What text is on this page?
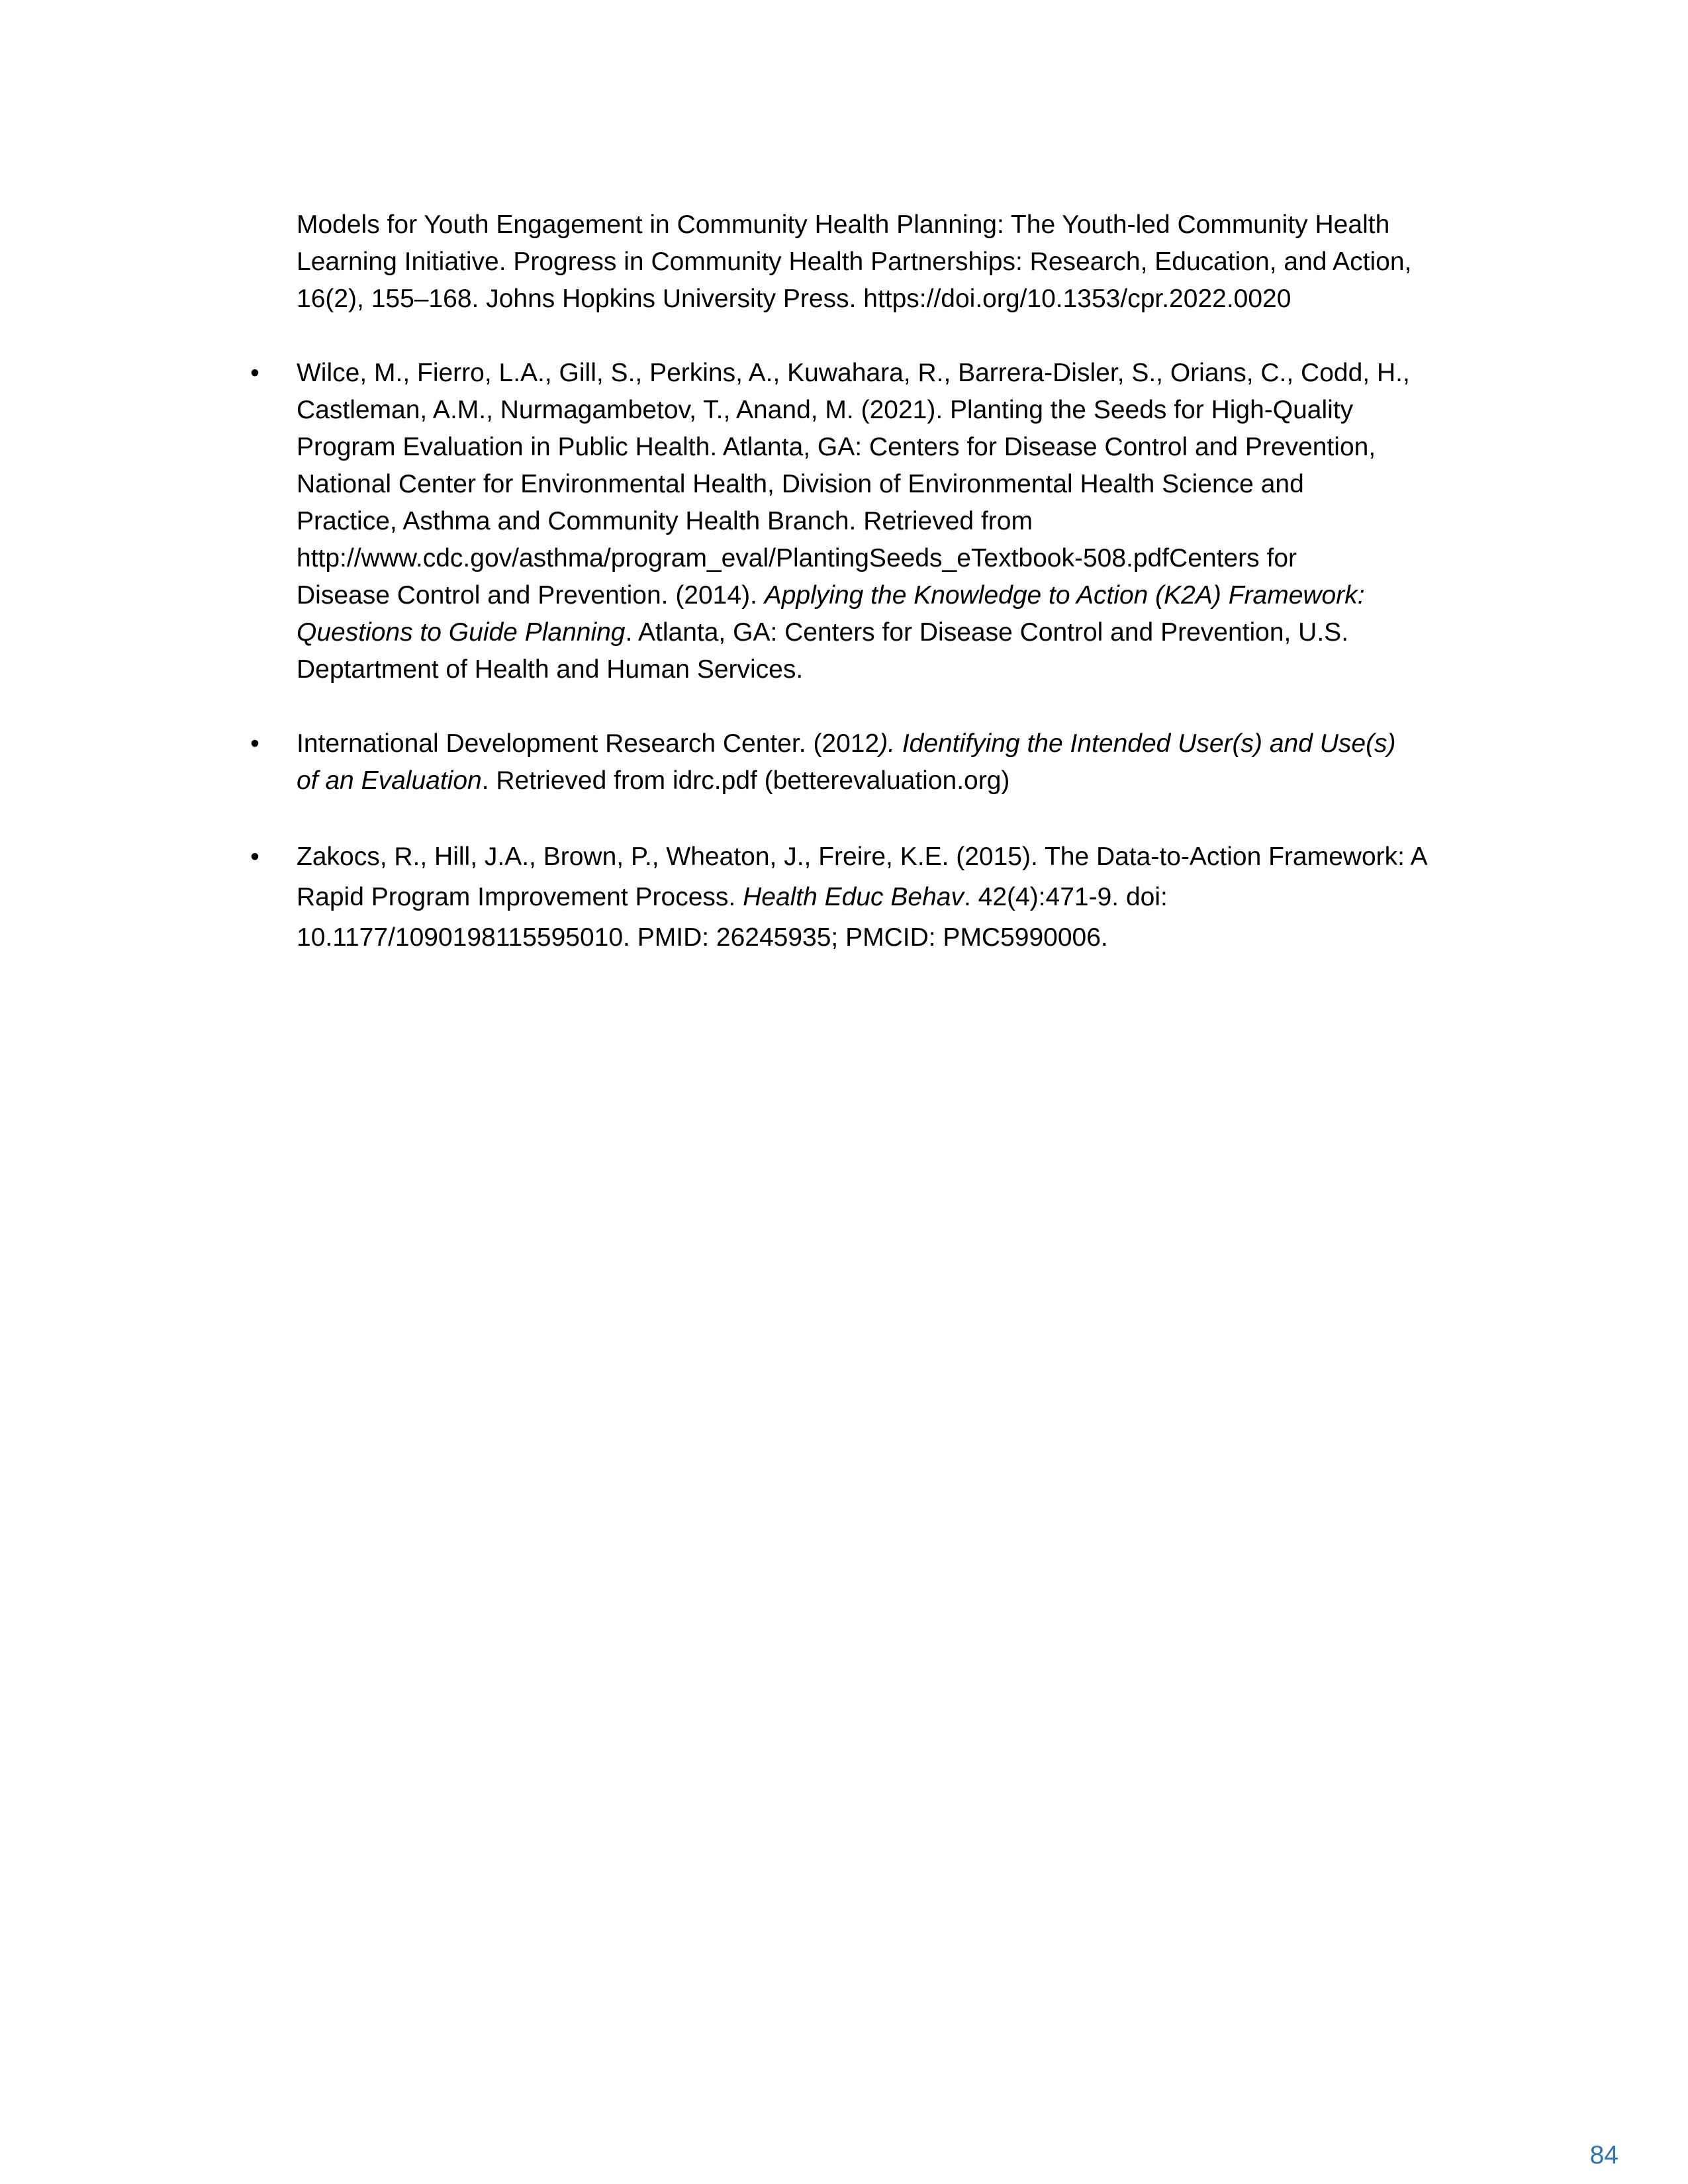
Models for Youth Engagement in Community Health Planning: The Youth-led Community Health
Learning Initiative. Progress in Community Health Partnerships: Research, Education, and Action,
16(2), 155–168. Johns Hopkins University Press. https://doi.org/10.1353/cpr.2022.0020
• Wilce, M., Fierro, L.A., Gill, S., Perkins, A., Kuwahara, R., Barrera-Disler, S., Orians, C., Codd, H.,
Castleman, A.M., Nurmagambetov, T., Anand, M. (2021). Planting the Seeds for High-Quality
Program Evaluation in Public Health. Atlanta, GA: Centers for Disease Control and Prevention,
National Center for Environmental Health, Division of Environmental Health Science and
Practice, Asthma and Community Health Branch. Retrieved from
http://www.cdc.gov/asthma/program_eval/PlantingSeeds_eTextbook-508.pdfCenters for
Disease Control and Prevention. (2014). Applying the Knowledge to Action (K2A) Framework:
Questions to Guide Planning. Atlanta, GA: Centers for Disease Control and Prevention, U.S.
Deptartment of Health and Human Services.
• International Development Research Center. (2012). Identifying the Intended User(s) and Use(s)
of an Evaluation. Retrieved from idrc.pdf (betterevaluation.org)
• Zakocs, R., Hill, J.A., Brown, P., Wheaton, J., Freire, K.E. (2015). The Data-to-Action Framework: A
Rapid Program Improvement Process. Health Educ Behav. 42(4):471-9. doi:
10.1177/1090198115595010. PMID: 26245935; PMCID: PMC5990006.
84
